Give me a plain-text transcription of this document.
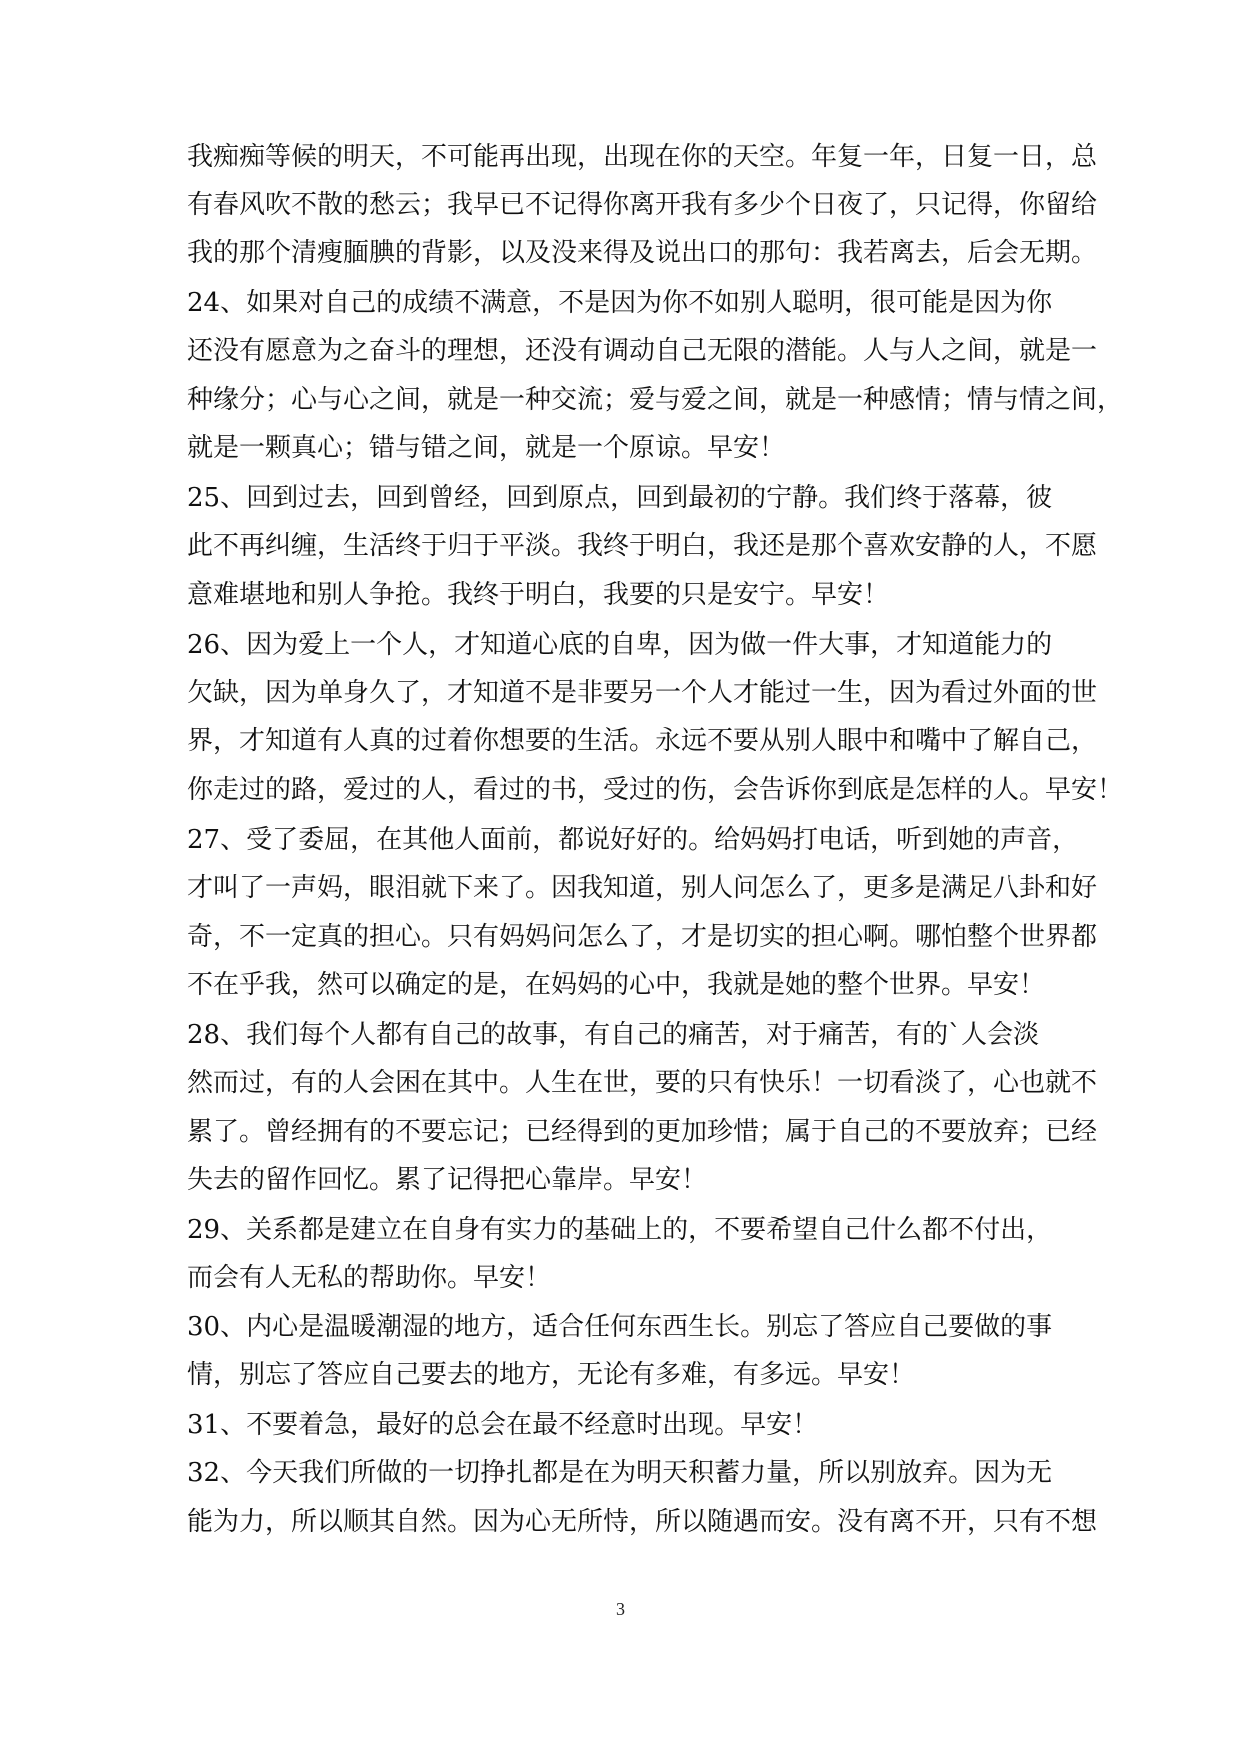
我痴痴等候的明天，不可能再出现，出现在你的天空。年复一年，日复一日，总

有春风吹不散的愁云；我早已不记得你离开我有多少个日夜了，只记得，你留给

我的那个清瘦腼腆的背影，以及没来得及说出口的那句：我若离去，后会无期。

24、如果对自己的成绩不满意，不是因为你不如别人聪明，很可能是因为你

还没有愿意为之奋斗的理想，还没有调动自己无限的潜能。人与人之间，就是一

种缘分；心与心之间，就是一种交流；爱与爱之间，就是一种感情；情与情之间，

就是一颗真心；错与错之间，就是一个原谅。早安！

25、回到过去，回到曾经，回到原点，回到最初的宁静。我们终于落幕，彼

此不再纠缠，生活终于归于平淡。我终于明白，我还是那个喜欢安静的人，不愿

意难堪地和别人争抢。我终于明白，我要的只是安宁。早安！

26、因为爱上一个人，才知道心底的自卑，因为做一件大事，才知道能力的

欠缺，因为单身久了，才知道不是非要另一个人才能过一生，因为看过外面的世

界，才知道有人真的过着你想要的生活。永远不要从别人眼中和嘴中了解自己，

你走过的路，爱过的人，看过的书，受过的伤，会告诉你到底是怎样的人。早安！

27、受了委屈，在其他人面前，都说好好的。给妈妈打电话，听到她的声音，

才叫了一声妈，眼泪就下来了。因我知道，别人问怎么了，更多是满足八卦和好

奇，不一定真的担心。只有妈妈问怎么了，才是切实的担心啊。哪怕整个世界都

不在乎我，然可以确定的是，在妈妈的心中，我就是她的整个世界。早安！

28、我们每个人都有自己的故事，有自己的痛苦，对于痛苦，有的`人会淡

然而过，有的人会困在其中。人生在世，要的只有快乐！一切看淡了，心也就不

累了。曾经拥有的不要忘记；已经得到的更加珍惜；属于自己的不要放弃；已经

失去的留作回忆。累了记得把心靠岸。早安！

29、关系都是建立在自身有实力的基础上的，不要希望自己什么都不付出，

而会有人无私的帮助你。早安！

30、内心是温暖潮湿的地方，适合任何东西生长。别忘了答应自己要做的事

情，别忘了答应自己要去的地方，无论有多难，有多远。早安！

31、不要着急，最好的总会在最不经意时出现。早安！

32、今天我们所做的一切挣扎都是在为明天积蓄力量，所以别放弃。因为无

能为力，所以顺其自然。因为心无所恃，所以随遇而安。没有离不开，只有不想

3
